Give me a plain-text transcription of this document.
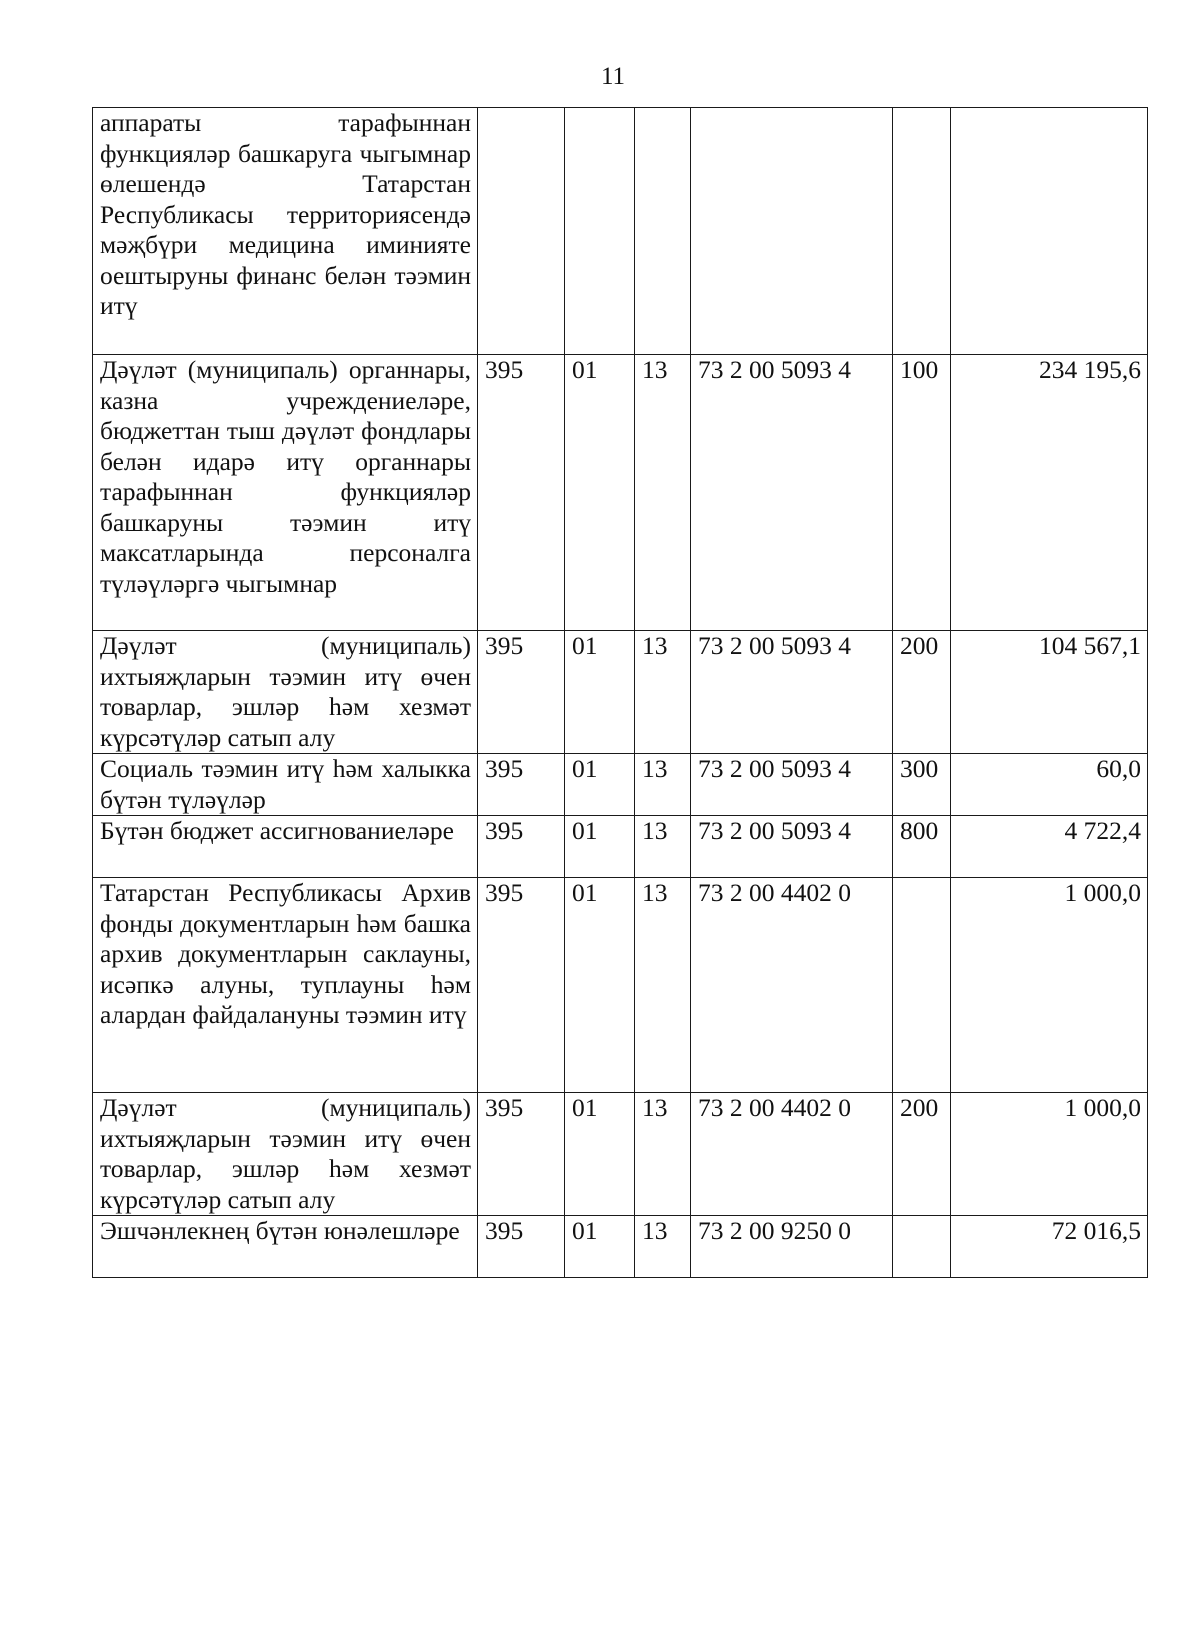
11
аппараты тарафыннан функцияләр башкаруга чыгымнар өлешендә Татарстан Республикасы территориясендә мәҗбүри медицина иминияте оештыруны финанс белән тәэмин итү						
Дәүләт (муниципаль) органнары, казна учреждениеләре, бюджеттан тыш дәүләт фондлары белән идарә итү органнары тарафыннан функцияләр башкаруны тәэмин итү максатларында персоналга түләүләргә чыгымнар	395	01	13	73 2 00 5093 4	100	234 195,6
Дәүләт (муниципаль) ихтыяҗларын тәэмин итү өчен товарлар, эшләр һәм хезмәт күрсәтүләр сатып алу	395	01	13	73 2 00 5093 4	200	104 567,1
Социаль тәэмин итү һәм халыкка бүтән түләүләр	395	01	13	73 2 00 5093 4	300	60,0
Бүтән бюджет ассигнованиеләре	395	01	13	73 2 00 5093 4	800	4 722,4
Татарстан Республикасы Архив фонды документларын һәм башка архив документларын саклауны, исәпкә алуны, туплауны һәм алардан файдалануны тәэмин итү	395	01	13	73 2 00 4402 0		1 000,0
Дәүләт (муниципаль) ихтыяҗларын тәэмин итү өчен товарлар, эшләр һәм хезмәт күрсәтүләр сатып алу	395	01	13	73 2 00 4402 0	200	1 000,0
Эшчәнлекнең бүтән юнәлешләре	395	01	13	73 2 00 9250 0		72 016,5
